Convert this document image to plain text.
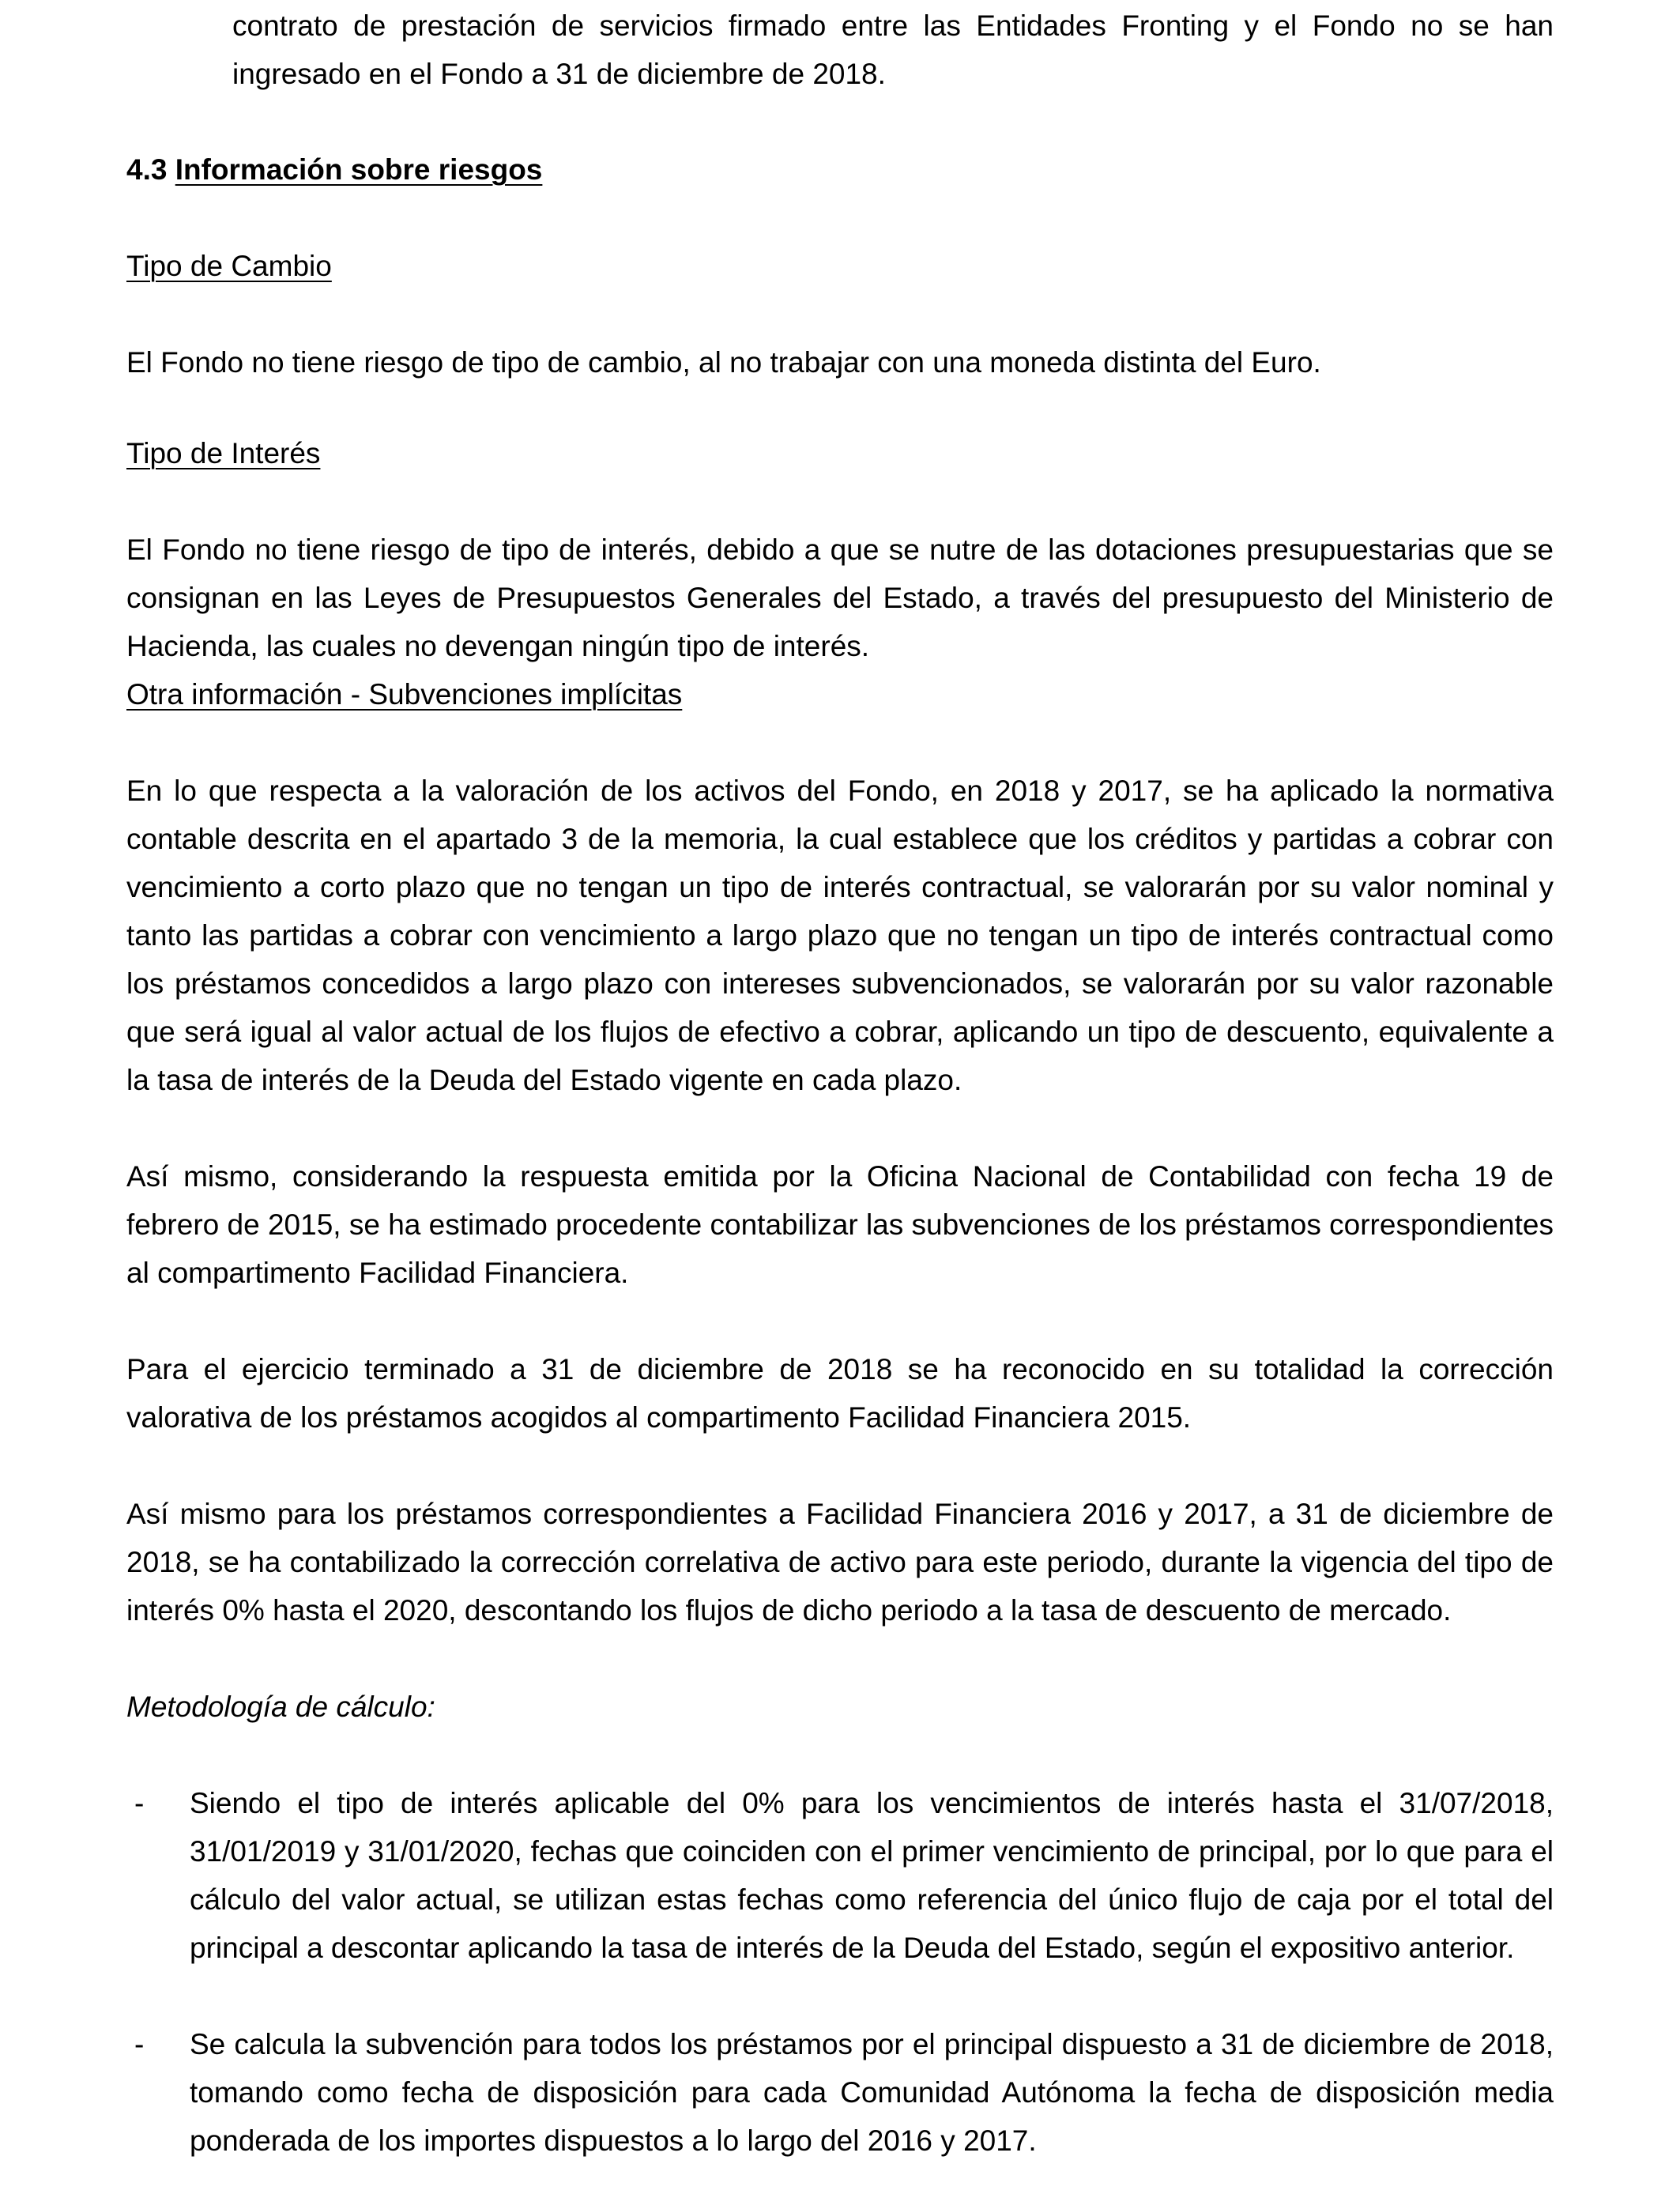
contrato de prestación de servicios firmado entre las Entidades Fronting y el Fondo no se han ingresado en el Fondo a 31 de diciembre de 2018.

4.3 Información sobre riesgos

Tipo de Cambio

El Fondo no tiene riesgo de tipo de cambio, al no trabajar con una moneda distinta del Euro.

Tipo de Interés

El Fondo no tiene riesgo de tipo de interés, debido a que se nutre de las dotaciones presupuestarias que se consignan en las Leyes de Presupuestos Generales del Estado, a través del presupuesto del Ministerio de Hacienda, las cuales no devengan ningún tipo de interés.

Otra información - Subvenciones implícitas

En lo que respecta a la valoración de los activos del Fondo, en 2018 y 2017, se ha aplicado la normativa contable descrita en el apartado 3 de la memoria, la cual establece que los créditos y partidas a cobrar con vencimiento a corto plazo que no tengan un tipo de interés contractual, se valorarán por su valor nominal y tanto las partidas a cobrar con vencimiento a largo plazo que no tengan un tipo de interés contractual como los préstamos concedidos a largo plazo con intereses subvencionados, se valorarán por su valor razonable que será igual al valor actual de los flujos de efectivo a cobrar, aplicando un tipo de descuento, equivalente a la tasa de interés de la Deuda del Estado vigente en cada plazo.

Así mismo, considerando la respuesta emitida por la Oficina Nacional de Contabilidad con fecha 19 de febrero de 2015, se ha estimado procedente contabilizar las subvenciones de los préstamos correspondientes al compartimento Facilidad Financiera.

Para el ejercicio terminado a 31 de diciembre de 2018 se ha reconocido en su totalidad la corrección valorativa de los préstamos acogidos al compartimento Facilidad Financiera 2015.

Así mismo para los préstamos correspondientes a Facilidad Financiera 2016 y 2017, a 31 de diciembre de 2018, se ha contabilizado la corrección correlativa de activo para este periodo, durante la vigencia del tipo de interés 0% hasta el 2020, descontando los flujos de dicho periodo a la tasa de descuento de mercado.

Metodología de cálculo:

- Siendo el tipo de interés aplicable del 0% para los vencimientos de interés hasta el 31/07/2018, 31/01/2019 y 31/01/2020, fechas que coinciden con el primer vencimiento de principal, por lo que para el cálculo del valor actual, se utilizan estas fechas como referencia del único flujo de caja por el total del principal a descontar aplicando la tasa de interés de la Deuda del Estado, según el expositivo anterior.
- Se calcula la subvención para todos los préstamos por el principal dispuesto a 31 de diciembre de 2018, tomando como fecha de disposición para cada Comunidad Autónoma la fecha de disposición media ponderada de los importes dispuestos a lo largo del 2016 y 2017.
